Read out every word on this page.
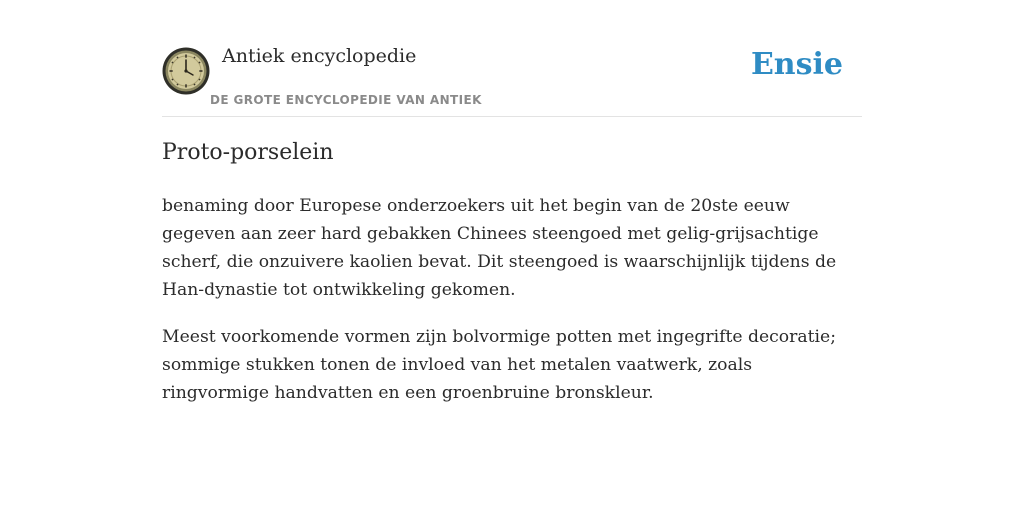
Antiek encyclopedie
DE GROTE ENCYCLOPEDIE VAN ANTIEK
Ensie
Proto-porselein

benaming door Europese onderzoekers uit het begin van de 20ste eeuw gegeven aan zeer hard gebakken Chinees steengoed met gelig-grijsachtige scherf, die onzuivere kaolien bevat. Dit steengoed is waarschijnlijk tijdens de Han-dynastie tot ontwikkeling gekomen.

Meest voorkomende vormen zijn bolvormige potten met ingegrifte decoratie; sommige stukken tonen de invloed van het metalen vaatwerk, zoals ringvormige handvatten en een groenbruine bronskleur.
